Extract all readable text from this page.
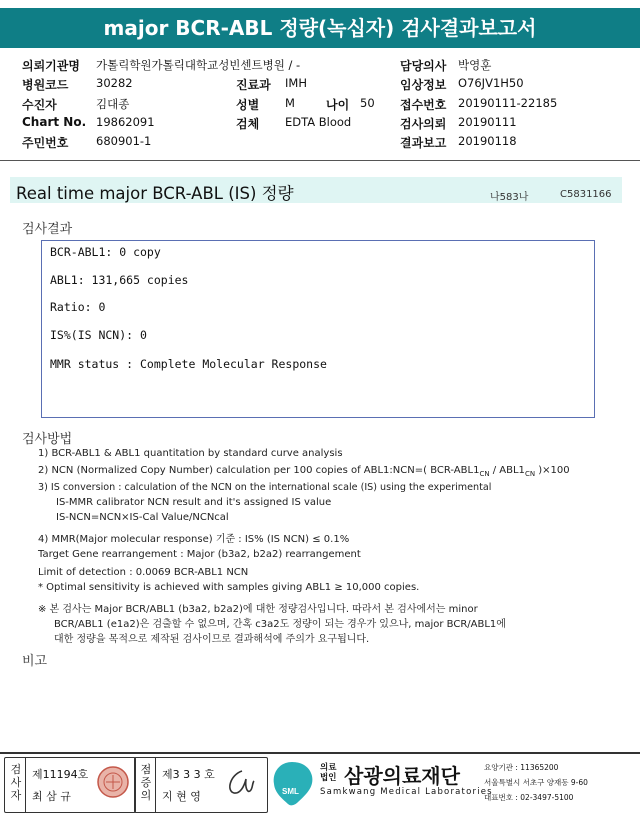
major BCR-ABL 정량(녹십자) 검사결과보고서
의뢰기관명 가톨릭학원가톨릭대학교성빈센트병원 / -
병원코드 30282
수진자	김대종
Chart No. 19862091
주민번호 680901-1
진료과 IMH
성별 M	나이 50
검체 EDTA Blood
담당의사 박영훈
임상정보 O76JV1H50
접수번호 20190111-22185
검사의뢰 20190111
결과보고 20190118
Real time major BCR-ABL (IS) 정량	나583나	C5831166
검사결과
BCR-ABL1: 0 copy
ABL1: 131,665 copies
Ratio: 0
IS%(IS NCN): 0
MMR status : Complete Molecular Response
검사방법
1) BCR-ABL1 & ABL1 quantitation by standard curve analysis
2) NCN (Normalized Copy Number) calculation per 100 copies of ABL1:NCN=( BCR-$ABL1_{CN} / ABL1_{CN}$ )×100
3) IS conversion : calculation of the NCN on the international scale (IS) using the experimental
IS-MMR calibrator NCN result and it's assigned IS value
IS-NCN=NCN×IS-Cal Value/NCNcal
4) MMR(Major molecular response) 기준 : IS% (IS NCN) ≤ 0.1%
Target Gene rearrangement : Major (b3a2, b2a2) rearrangement
Limit of detection : 0.0069 BCR-ABL1 NCN
* Optimal sensitivity is achieved with samples giving ABL1 ≥ 10,000 copies.
※ 본 검사는 Major BCR/ABL1 (b3a2, b2a2)에 대한 정량검사입니다. 따라서 본 검사에서는 minor
BCR/ABL1 (e1a2)은 검출할 수 없으며, 간혹 c3a2도 정량이 되는 경우가 있으나, major BCR/ABL1에
대한 정량을 목적으로 제작된 검사이므로 결과해석에 주의가 요구됩니다.
비고
검
사
자
제11194호
최 삼 규
점
증
의
제3 3 3 호
지 현 영	SML
의료
법인 삼광의료재단
Samkwang Medical Laboratories
요양기관 : 11365200
서울특별시 서초구 양재동 9-60
대표번호 : 02-3497-5100
